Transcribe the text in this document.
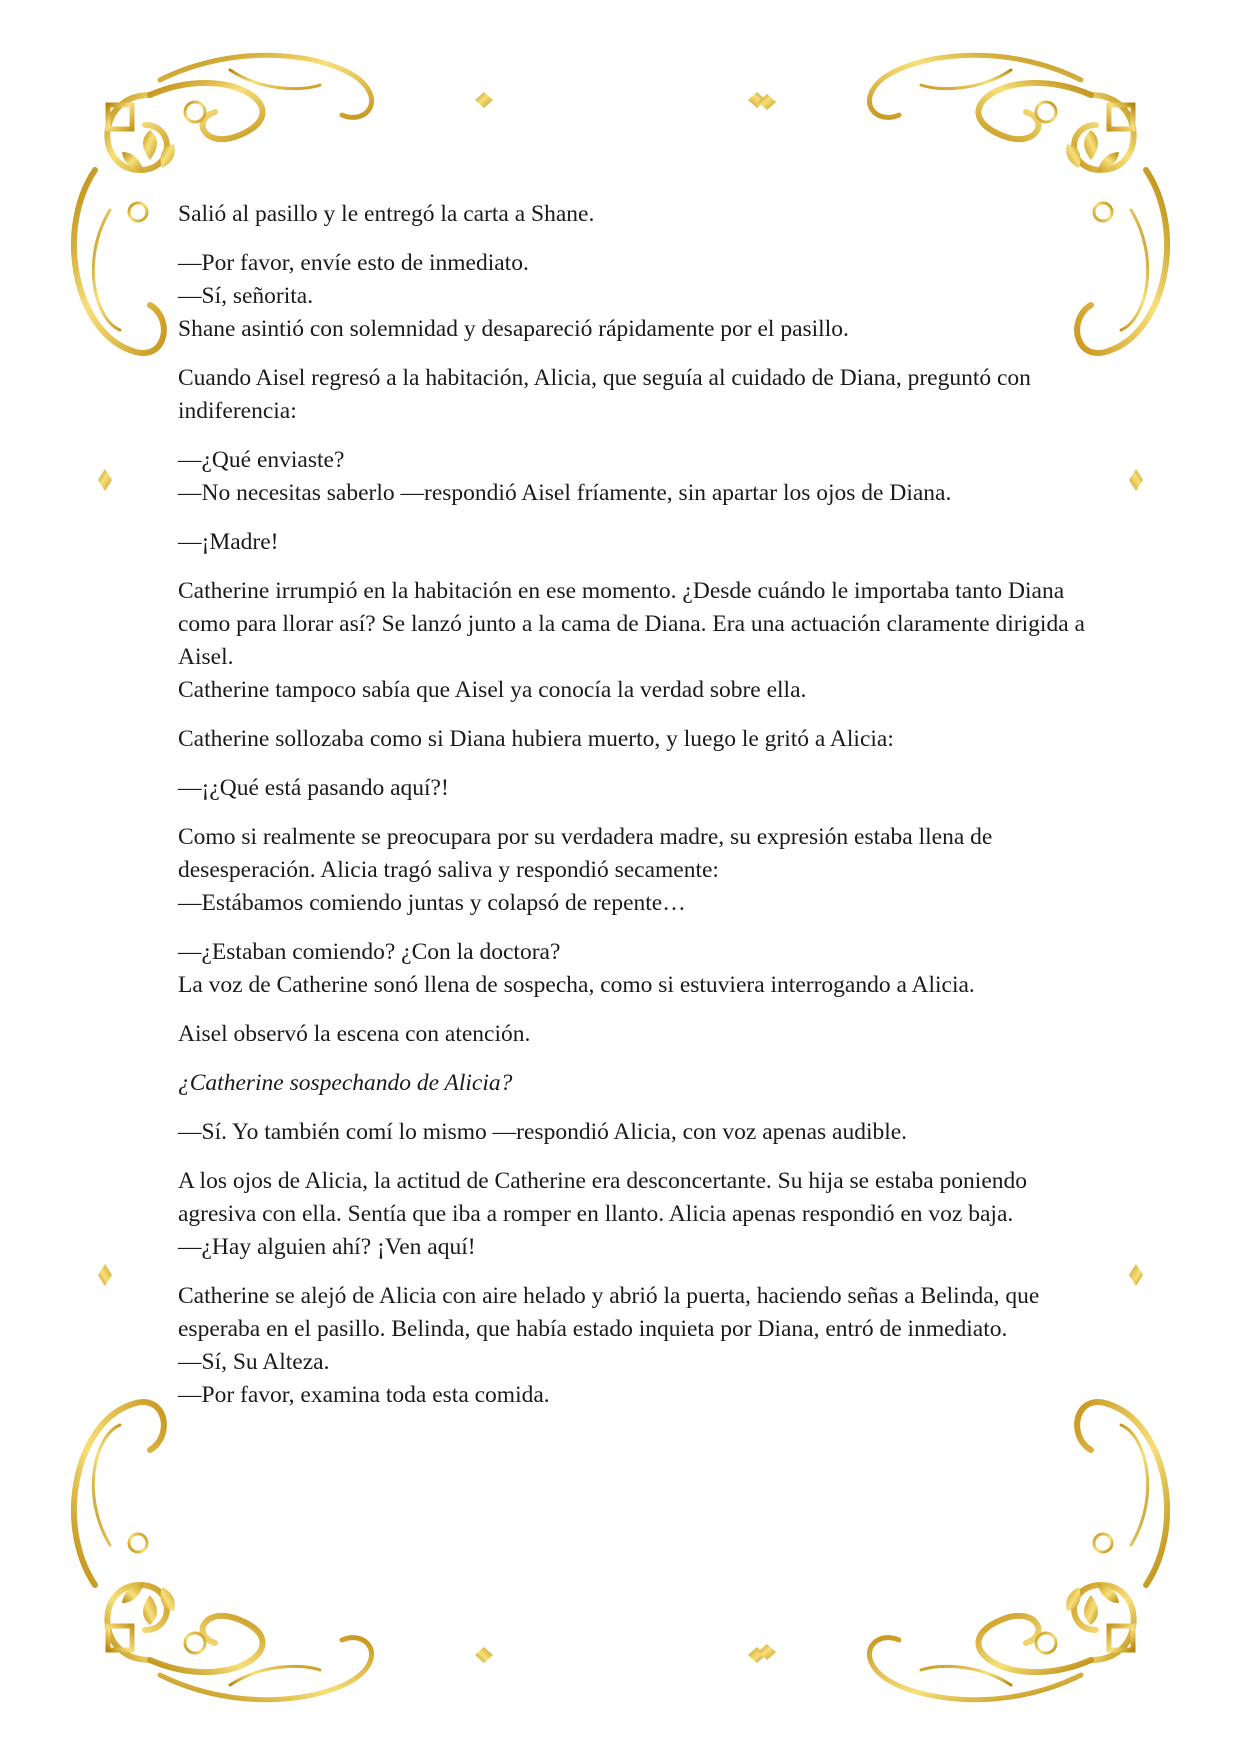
Salió al pasillo y le entregó la carta a Shane.
—Por favor, envíe esto de inmediato.
—Sí, señorita.
Shane asintió con solemnidad y desapareció rápidamente por el pasillo.
Cuando Aisel regresó a la habitación, Alicia, que seguía al cuidado de Diana, preguntó con indiferencia:
—¿Qué enviaste?
—No necesitas saberlo —respondió Aisel fríamente, sin apartar los ojos de Diana.
—¡Madre!
Catherine irrumpió en la habitación en ese momento. ¿Desde cuándo le importaba tanto Diana como para llorar así? Se lanzó junto a la cama de Diana. Era una actuación claramente dirigida a Aisel.
Catherine tampoco sabía que Aisel ya conocía la verdad sobre ella.
Catherine sollozaba como si Diana hubiera muerto, y luego le gritó a Alicia:
—¡¿Qué está pasando aquí?!
Como si realmente se preocupara por su verdadera madre, su expresión estaba llena de desesperación. Alicia tragó saliva y respondió secamente:
—Estábamos comiendo juntas y colapsó de repente…
—¿Estaban comiendo? ¿Con la doctora?
La voz de Catherine sonó llena de sospecha, como si estuviera interrogando a Alicia.
Aisel observó la escena con atención.
¿Catherine sospechando de Alicia?
—Sí. Yo también comí lo mismo —respondió Alicia, con voz apenas audible.
A los ojos de Alicia, la actitud de Catherine era desconcertante. Su hija se estaba poniendo agresiva con ella. Sentía que iba a romper en llanto. Alicia apenas respondió en voz baja.
—¿Hay alguien ahí? ¡Ven aquí!
Catherine se alejó de Alicia con aire helado y abrió la puerta, haciendo señas a Belinda, que esperaba en el pasillo. Belinda, que había estado inquieta por Diana, entró de inmediato.
—Sí, Su Alteza.
—Por favor, examina toda esta comida.
